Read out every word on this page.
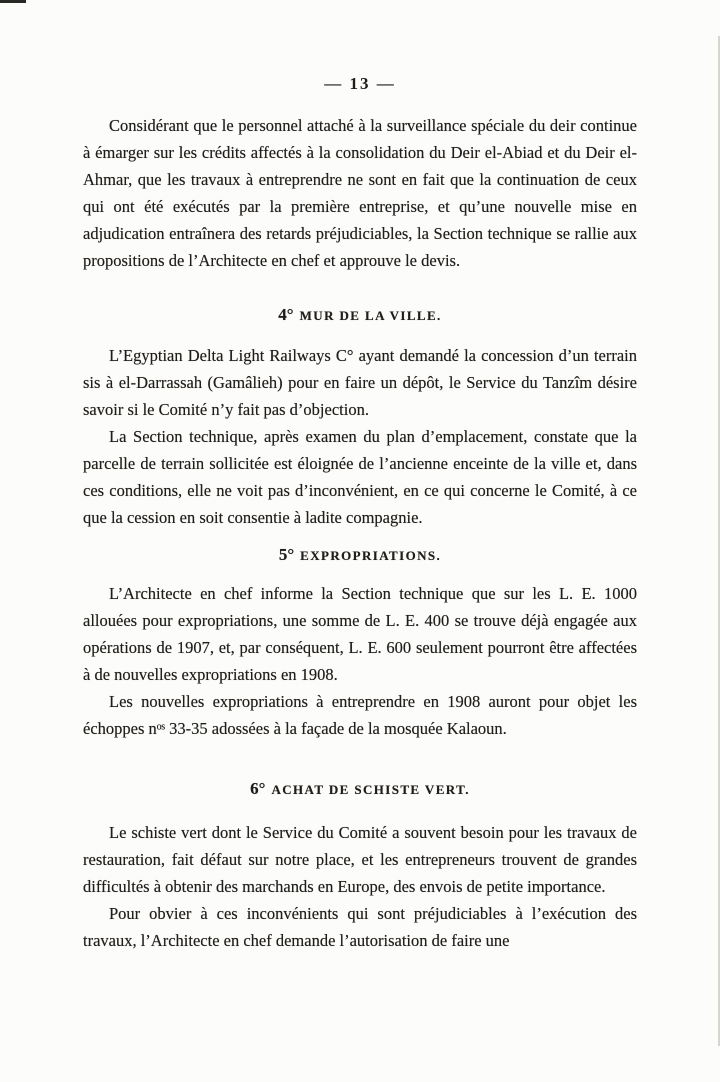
— 13 —

Considérant que le personnel attaché à la surveillance spéciale du deir continue à émarger sur les crédits affectés à la consolidation du Deir el-Abiad et du Deir el-Ahmar, que les travaux à entreprendre ne sont en fait que la continuation de ceux qui ont été exécutés par la première entreprise, et qu’une nouvelle mise en adjudication entraînera des retards préjudiciables, la Section technique se rallie aux propositions de l’Architecte en chef et approuve le devis.

4° MUR DE LA VILLE.

L’Egyptian Delta Light Railways C° ayant demandé la concession d’un terrain sis à el-Darrassah (Gamâlieh) pour en faire un dépôt, le Service du Tanzîm désire savoir si le Comité n’y fait pas d’objection.

La Section technique, après examen du plan d’emplacement, constate que la parcelle de terrain sollicitée est éloignée de l’ancienne enceinte de la ville et, dans ces conditions, elle ne voit pas d’inconvénient, en ce qui concerne le Comité, à ce que la cession en soit consentie à ladite compagnie.

5° EXPROPRIATIONS.

L’Architecte en chef informe la Section technique que sur les L. E. 1000 allouées pour expropriations, une somme de L. E. 400 se trouve déjà engagée aux opérations de 1907, et, par conséquent, L. E. 600 seulement pourront être affectées à de nouvelles expropriations en 1908.

Les nouvelles expropriations à entreprendre en 1908 auront pour objet les échoppes nᵒˢ 33-35 adossées à la façade de la mosquée Kalaoun.

6° ACHAT DE SCHISTE VERT.

Le schiste vert dont le Service du Comité a souvent besoin pour les travaux de restauration, fait défaut sur notre place, et les entrepreneurs trouvent de grandes difficultés à obtenir des marchands en Europe, des envois de petite importance.

Pour obvier à ces inconvénients qui sont préjudiciables à l’exécution des travaux, l’Architecte en chef demande l’autorisation de faire une
